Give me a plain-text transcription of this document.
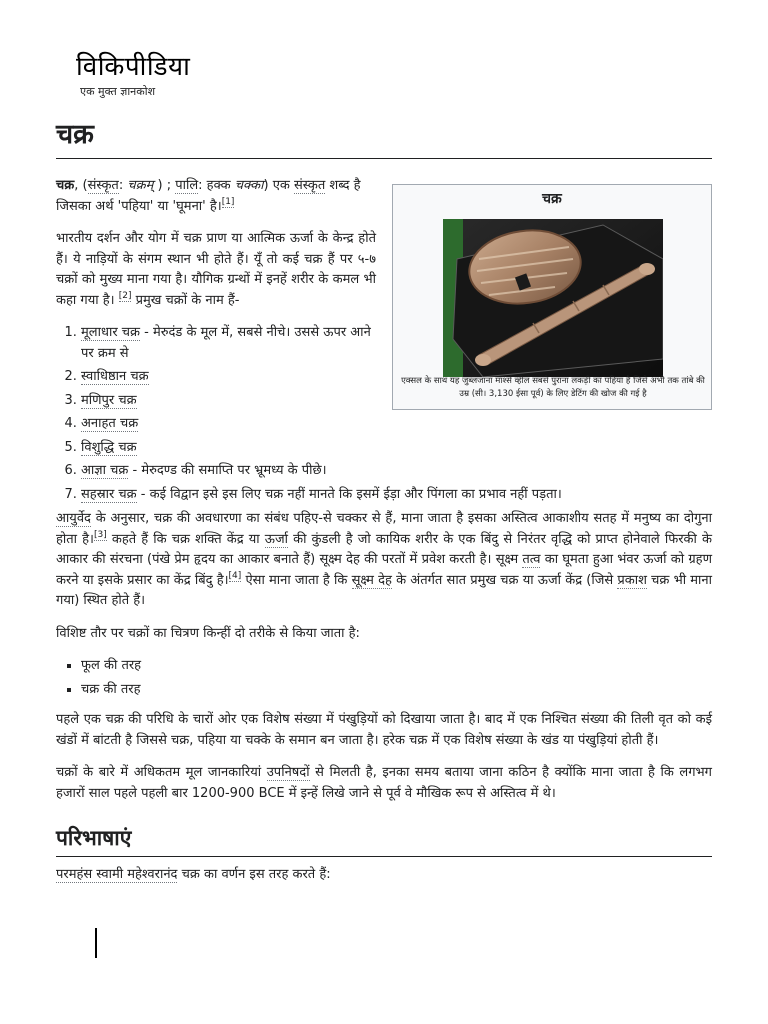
विकिपीडिया
एक मुक्त ज्ञानकोश
चक्र
चक्र
एक्सल के साथ यह जुब्लजाना मार्श्स व्हील सबसे पुराना लकड़ी का पहिया है जिसे अभी तक तांबे की उम्र (सी। 3,130 ईसा पूर्व) के लिए डेटिंग की खोज की गई है

चक्र, (संस्कृत: चक्रम् ) ; पालि: हक्क चक्का) एक संस्कृत शब्द है जिसका अर्थ 'पहिया' या 'घूमना' है।[1]

भारतीय दर्शन और योग में चक्र प्राण या आत्मिक ऊर्जा के केन्द्र होते हैं। ये नाड़ियों के संगम स्थान भी होते हैं। यूँ तो कई चक्र हैं पर ५-७ चक्रों को मुख्य माना गया है। यौगिक ग्रन्थों में इनहें शरीर के कमल भी कहा गया है। [2] प्रमुख चक्रों के नाम हैं-

1. मूलाधार चक्र - मेरुदंड के मूल में, सबसे नीचे। उससे ऊपर आने पर क्रम से
2. स्वाधिष्ठान चक्र
3. मणिपुर चक्र
4. अनाहत चक्र
5. विशुद्धि चक्र
6. आज्ञा चक्र - मेरुदण्ड की समाप्ति पर भ्रूमध्य के पीछे।
7. सहस्रार चक्र - कई विद्वान इसे इस लिए चक्र नहीं मानते कि इसमें ईड़ा और पिंगला का प्रभाव नहीं पड़ता।

आयुर्वेद के अनुसार, चक्र की अवधारणा का संबंध पहिए-से चक्कर से हैं, माना जाता है इसका अस्तित्व आकाशीय सतह में मनुष्य का दोगुना होता है।[3] कहते हैं कि चक्र शक्ति केंद्र या ऊर्जा की कुंडली है जो कायिक शरीर के एक बिंदु से निरंतर वृद्धि को प्राप्त होनेवाले फिरकी के आकार की संरचना (पंखे प्रेम हृदय का आकार बनाते हैं) सूक्ष्म देह की परतों में प्रवेश करती है। सूक्ष्म तत्व का घूमता हुआ भंवर ऊर्जा को ग्रहण करने या इसके प्रसार का केंद्र बिंदु है।[4] ऐसा माना जाता है कि सूक्ष्म देह के अंतर्गत सात प्रमुख चक्र या ऊर्जा केंद्र (जिसे प्रकाश चक्र भी माना गया) स्थित होते हैं।

विशिष्ट तौर पर चक्रों का चित्रण किन्हीं दो तरीके से किया जाता है:

▪ फूल की तरह
▪ चक्र की तरह

पहले एक चक्र की परिधि के चारों ओर एक विशेष संख्या में पंखुड़ियों को दिखाया जाता है। बाद में एक निश्चित संख्या की तिली वृत को कई खंडों में बांटती है जिससे चक्र, पहिया या चक्के के समान बन जाता है। हरेक चक्र में एक विशेष संख्या के खंड या पंखुड़ियां होती हैं।

चक्रों के बारे में अधिकतम मूल जानकारियां उपनिषदों से मिलती है, इनका समय बताया जाना कठिन है क्योंकि माना जाता है कि लगभग हजारों साल पहले पहली बार 1200-900 BCE में इन्हें लिखे जाने से पूर्व वे मौखिक रूप से अस्तित्व में थे।

परिभाषाएं

परमहंस स्वामी महेश्वरानंद चक्र का वर्णन इस तरह करते हैं:
